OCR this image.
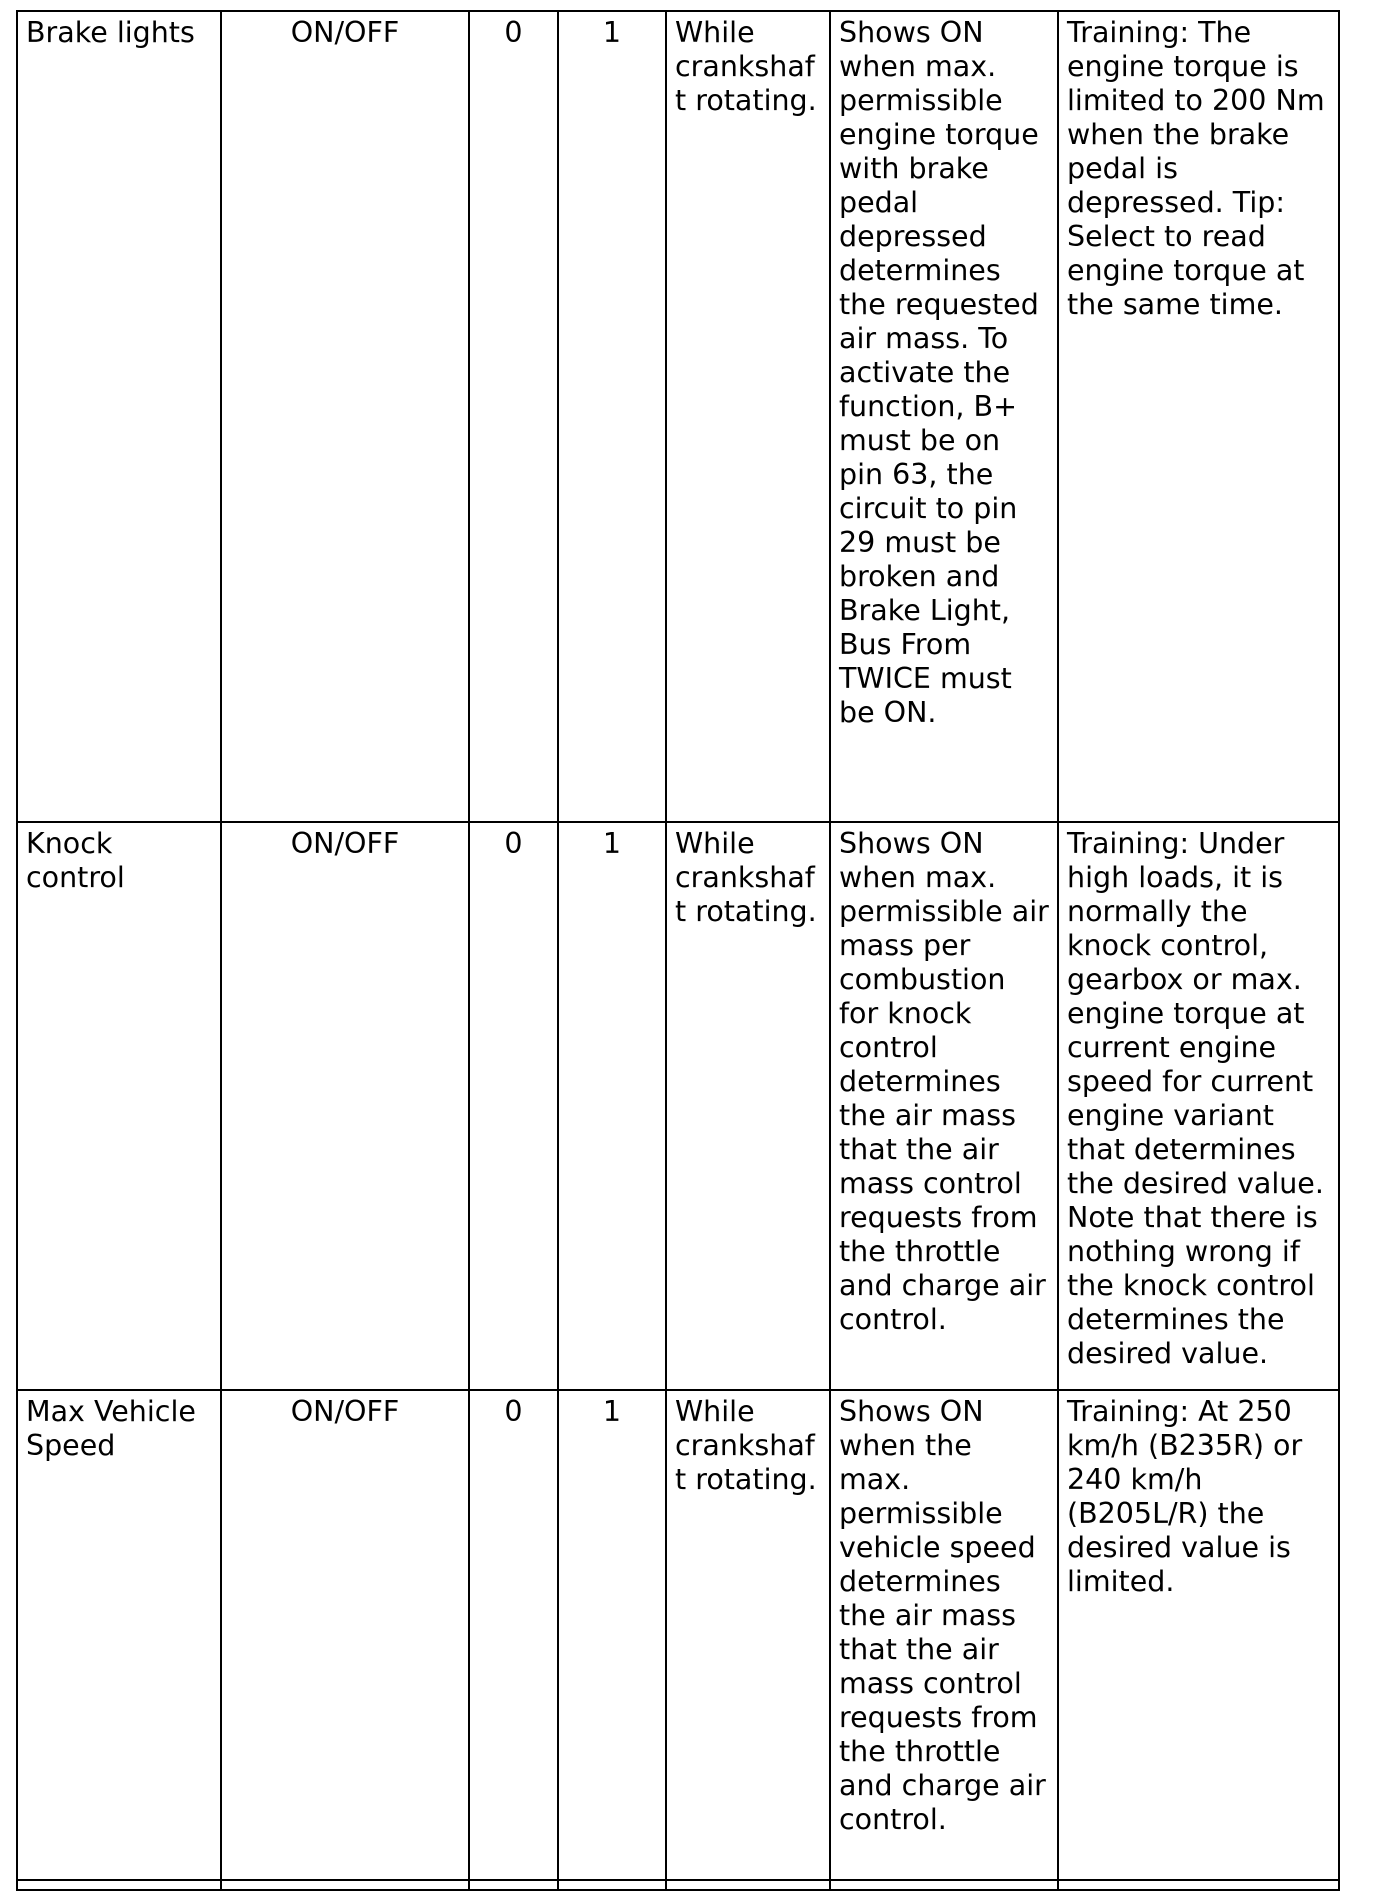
Brake lights	ON/OFF	0	1	While crankshaft rotating.	Shows ON when max. permissible engine torque with brake pedal depressed determines the requested air mass. To activate the function, B+ must be on pin 63, the circuit to pin 29 must be broken and Brake Light, Bus From TWICE must be ON.	Training: The engine torque is limited to 200 Nm when the brake pedal is depressed. Tip: Select to read engine torque at the same time.
Knock control	ON/OFF	0	1	While crankshaft rotating.	Shows ON when max. permissible air mass per combustion for knock control determines the air mass that the air mass control requests from the throttle and charge air control.	Training: Under high loads, it is normally the knock control, gearbox or max. engine torque at current engine speed for current engine variant that determines the desired value. Note that there is nothing wrong if the knock control determines the desired value.
Max Vehicle Speed	ON/OFF	0	1	While crankshaft rotating.	Shows ON when the max. permissible vehicle speed determines the air mass that the air mass control requests from the throttle and charge air control.	Training: At 250 km/h (B235R) or 240 km/h (B205L/R) the desired value is limited.
